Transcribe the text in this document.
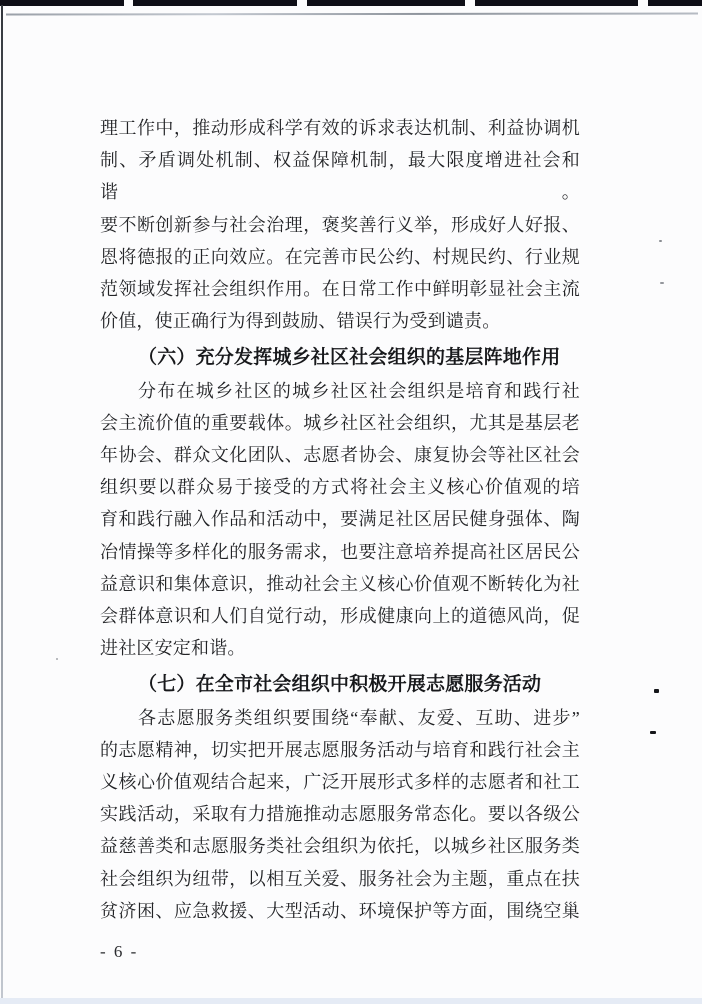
理工作中，推动形成科学有效的诉求表达机制、利益协调机
制、矛盾调处机制、权益保障机制，最大限度增进社会和谐。
要不断创新参与社会治理，褒奖善行义举，形成好人好报、
恩将德报的正向效应。在完善市民公约、村规民约、行业规
范领域发挥社会组织作用。在日常工作中鲜明彰显社会主流
价值，使正确行为得到鼓励、错误行为受到谴责。
（六）充分发挥城乡社区社会组织的基层阵地作用
分布在城乡社区的城乡社区社会组织是培育和践行社
会主流价值的重要载体。城乡社区社会组织，尤其是基层老
年协会、群众文化团队、志愿者协会、康复协会等社区社会
组织要以群众易于接受的方式将社会主义核心价值观的培
育和践行融入作品和活动中，要满足社区居民健身强体、陶
冶情操等多样化的服务需求，也要注意培养提高社区居民公
益意识和集体意识，推动社会主义核心价值观不断转化为社
会群体意识和人们自觉行动，形成健康向上的道德风尚，促
进社区安定和谐。
（七）在全市社会组织中积极开展志愿服务活动
各志愿服务类组织要围绕“奉献、友爱、互助、进步”
的志愿精神，切实把开展志愿服务活动与培育和践行社会主
义核心价值观结合起来，广泛开展形式多样的志愿者和社工
实践活动，采取有力措施推动志愿服务常态化。要以各级公
益慈善类和志愿服务类社会组织为依托，以城乡社区服务类
社会组织为纽带，以相互关爱、服务社会为主题，重点在扶
贫济困、应急救援、大型活动、环境保护等方面，围绕空巢
- 6 -
